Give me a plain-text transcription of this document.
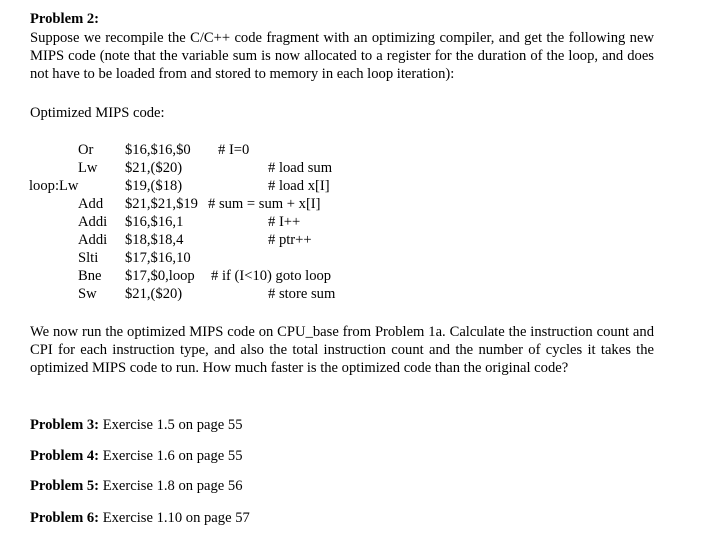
Problem 2:
Suppose we recompile the C/C++ code fragment with an optimizing compiler, and get the following new MIPS code (note that the variable sum is now allocated to a register for the duration of the loop, and does not have to be loaded from and stored to memory in each loop iteration):
Optimized MIPS code:
Or $16,$16,$0 # I=0
Lw $21,($20)	# load sum
loop:Lw	$19,($18)	# load x[I]
Add $21,$21,$19 # sum = sum + x[I]
Addi $16,$16,1	# I++
Addi $18,$18,4	# ptr++
Slti $17,$16,10
Bne $17,$0,loop # if (I<10) goto loop
Sw $21,($20)	# store sum
We now run the optimized MIPS code on CPU_base from Problem 1a. Calculate the instruction count and CPI for each instruction type, and also the total instruction count and the number of cycles it takes the optimized MIPS code to run. How much faster is the optimized code than the original code?
Problem 3: Exercise 1.5 on page 55
Problem 4: Exercise 1.6 on page 55
Problem 5: Exercise 1.8 on page 56
Problem 6: Exercise 1.10 on page 57
